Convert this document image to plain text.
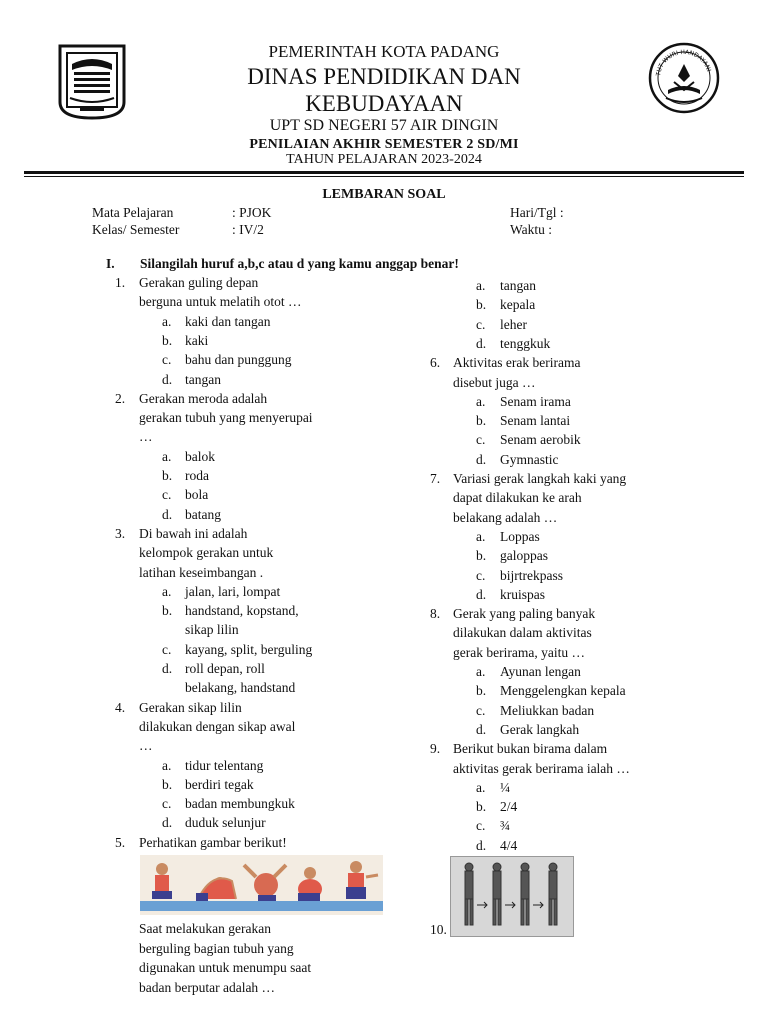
TUT WURI HANDAYANI
PEMERINTAH KOTA PADANG
DINAS PENDIDIKAN DAN
KEBUDAYAAN
UPT SD NEGERI 57 AIR DINGIN
PENILAIAN AKHIR SEMESTER 2 SD/MI
TAHUN PELAJARAN 2023-2024
LEMBARAN SOAL
Mata Pelajaran	: PJOK	Hari/Tgl :
Kelas/ Semester	: IV/2	Waktu :
I. Silangilah huruf a,b,c atau d yang kamu anggap benar!
1. Gerakan guling depan
berguna untuk melatih otot …
a. kaki dan tangan
b. kaki
c. bahu dan punggung
d. tangan
2. Gerakan meroda adalah
gerakan tubuh yang menyerupai
…
a. balok
b. roda
c. bola
d. batang
3. Di bawah ini adalah
kelompok gerakan untuk
latihan keseimbangan .
a. jalan, lari, lompat
b. handstand, kopstand,
sikap lilin
c. kayang, split, berguling
d. roll depan, roll
belakang, handstand
4. Gerakan sikap lilin
dilakukan dengan sikap awal
…
a. tidur telentang
b. berdiri tegak
c. badan membungkuk
d. duduk selunjur
5. Perhatikan gambar berikut!
Saat melakukan gerakan
berguling bagian tubuh yang
digunakan untuk menumpu saat
badan berputar adalah …
a. tangan
b. kepala
c. leher
d. tenggkuk
6. Aktivitas erak berirama
disebut juga …
a. Senam irama
b. Senam lantai
c. Senam aerobik
d. Gymnastic
7. Variasi gerak langkah kaki yang
dapat dilakukan ke arah
belakang adalah …
a. Loppas
b. galoppas
c. bijrtrekpass
d. kruispas
8. Gerak yang paling banyak
dilakukan dalam aktivitas
gerak berirama, yaitu …
a. Ayunan lengan
b. Menggelengkan kepala
c. Meliukkan badan
d. Gerak langkah
9. Berikut bukan birama dalam
aktivitas gerak berirama ialah …
a. ¼
b. 2/4
c. ¾
d. 4/4
10.
